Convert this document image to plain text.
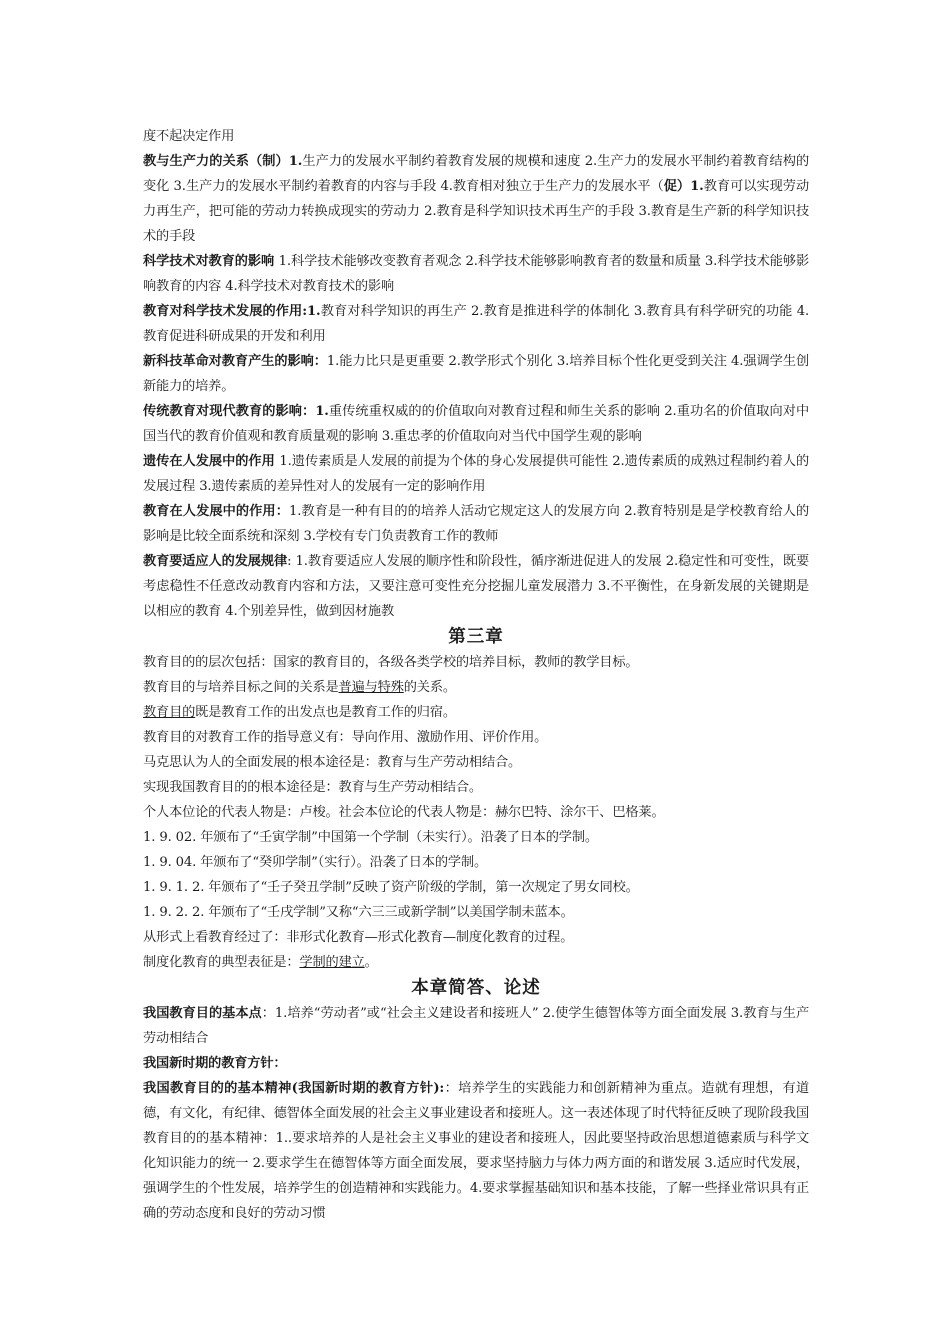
度不起决定作用

教与生产力的关系（制）1.生产力的发展水平制约着教育发展的规模和速度 2.生产力的发展水平制约着教育结构的变化 3.生产力的发展水平制约着教育的内容与手段 4.教育相对独立于生产力的发展水平（促）1.教育可以实现劳动力再生产，把可能的劳动力转换成现实的劳动力 2.教育是科学知识技术再生产的手段 3.教育是生产新的科学知识技术的手段

科学技术对教育的影响 1.科学技术能够改变教育者观念 2.科学技术能够影响教育者的数量和质量 3.科学技术能够影响教育的内容 4.科学技术对教育技术的影响

教育对科学技术发展的作用:1.教育对科学知识的再生产 2.教育是推进科学的体制化 3.教育具有科学研究的功能 4.教育促进科研成果的开发和利用

新科技革命对教育产生的影响：1.能力比只是更重要 2.教学形式个别化 3.培养目标个性化更受到关注 4.强调学生创新能力的培养。

传统教育对现代教育的影响：1.重传统重权威的的价值取向对教育过程和师生关系的影响 2.重功名的价值取向对中国当代的教育价值观和教育质量观的影响 3.重忠孝的价值取向对当代中国学生观的影响

遗传在人发展中的作用 1.遗传素质是人发展的前提为个体的身心发展提供可能性 2.遗传素质的成熟过程制约着人的发展过程 3.遗传素质的差异性对人的发展有一定的影响作用

教育在人发展中的作用：1.教育是一种有目的的培养人活动它规定这人的发展方向 2.教育特别是是学校教育给人的影响是比较全面系统和深刻 3.学校有专门负责教育工作的教师

教育要适应人的发展规律: 1.教育要适应人发展的顺序性和阶段性，循序渐进促进人的发展 2.稳定性和可变性，既要考虑稳性不任意改动教育内容和方法，又要注意可变性充分挖掘儿童发展潜力 3.不平衡性，在身新发展的关键期是以相应的教育 4.个别差异性，做到因材施教

第三章

教育目的的层次包括：国家的教育目的，各级各类学校的培养目标，教师的教学目标。

教育目的与培养目标之间的关系是普遍与特殊的关系。

教育目的既是教育工作的出发点也是教育工作的归宿。

教育目的对教育工作的指导意义有：导向作用、激励作用、评价作用。

马克思认为人的全面发展的根本途径是：教育与生产劳动相结合。

实现我国教育目的的根本途径是：教育与生产劳动相结合。

个人本位论的代表人物是：卢梭。社会本位论的代表人物是：赫尔巴特、涂尔干、巴格莱。

1. 9. 02. 年颁布了“壬寅学制”中国第一个学制（未实行）。沿袭了日本的学制。

1. 9. 04. 年颁布了“癸卯学制”（实行）。沿袭了日本的学制。

1. 9. 1. 2. 年颁布了“壬子癸丑学制”反映了资产阶级的学制，第一次规定了男女同校。

1. 9. 2. 2. 年颁布了“壬戌学制”又称“六三三或新学制”以美国学制未蓝本。

从形式上看教育经过了：非形式化教育—形式化教育—制度化教育的过程。

制度化教育的典型表征是：学制的建立。

本章简答、论述

我国教育目的基本点：1.培养“劳动者”或“社会主义建设者和接班人” 2.使学生德智体等方面全面发展 3.教育与生产劳动相结合

我国新时期的教育方针：

我国教育目的的基本精神(我国新时期的教育方针):：培养学生的实践能力和创新精神为重点。造就有理想，有道德，有文化，有纪律、德智体全面发展的社会主义事业建设者和接班人。这一表述体现了时代特征反映了现阶段我国教育目的的基本精神：1..要求培养的人是社会主义事业的建设者和接班人，因此要坚持政治思想道德素质与科学文化知识能力的统一 2.要求学生在德智体等方面全面发展，要求坚持脑力与体力两方面的和谐发展 3.适应时代发展，强调学生的个性发展，培养学生的创造精神和实践能力。4.要求掌握基础知识和基本技能，了解一些择业常识具有正确的劳动态度和良好的劳动习惯
